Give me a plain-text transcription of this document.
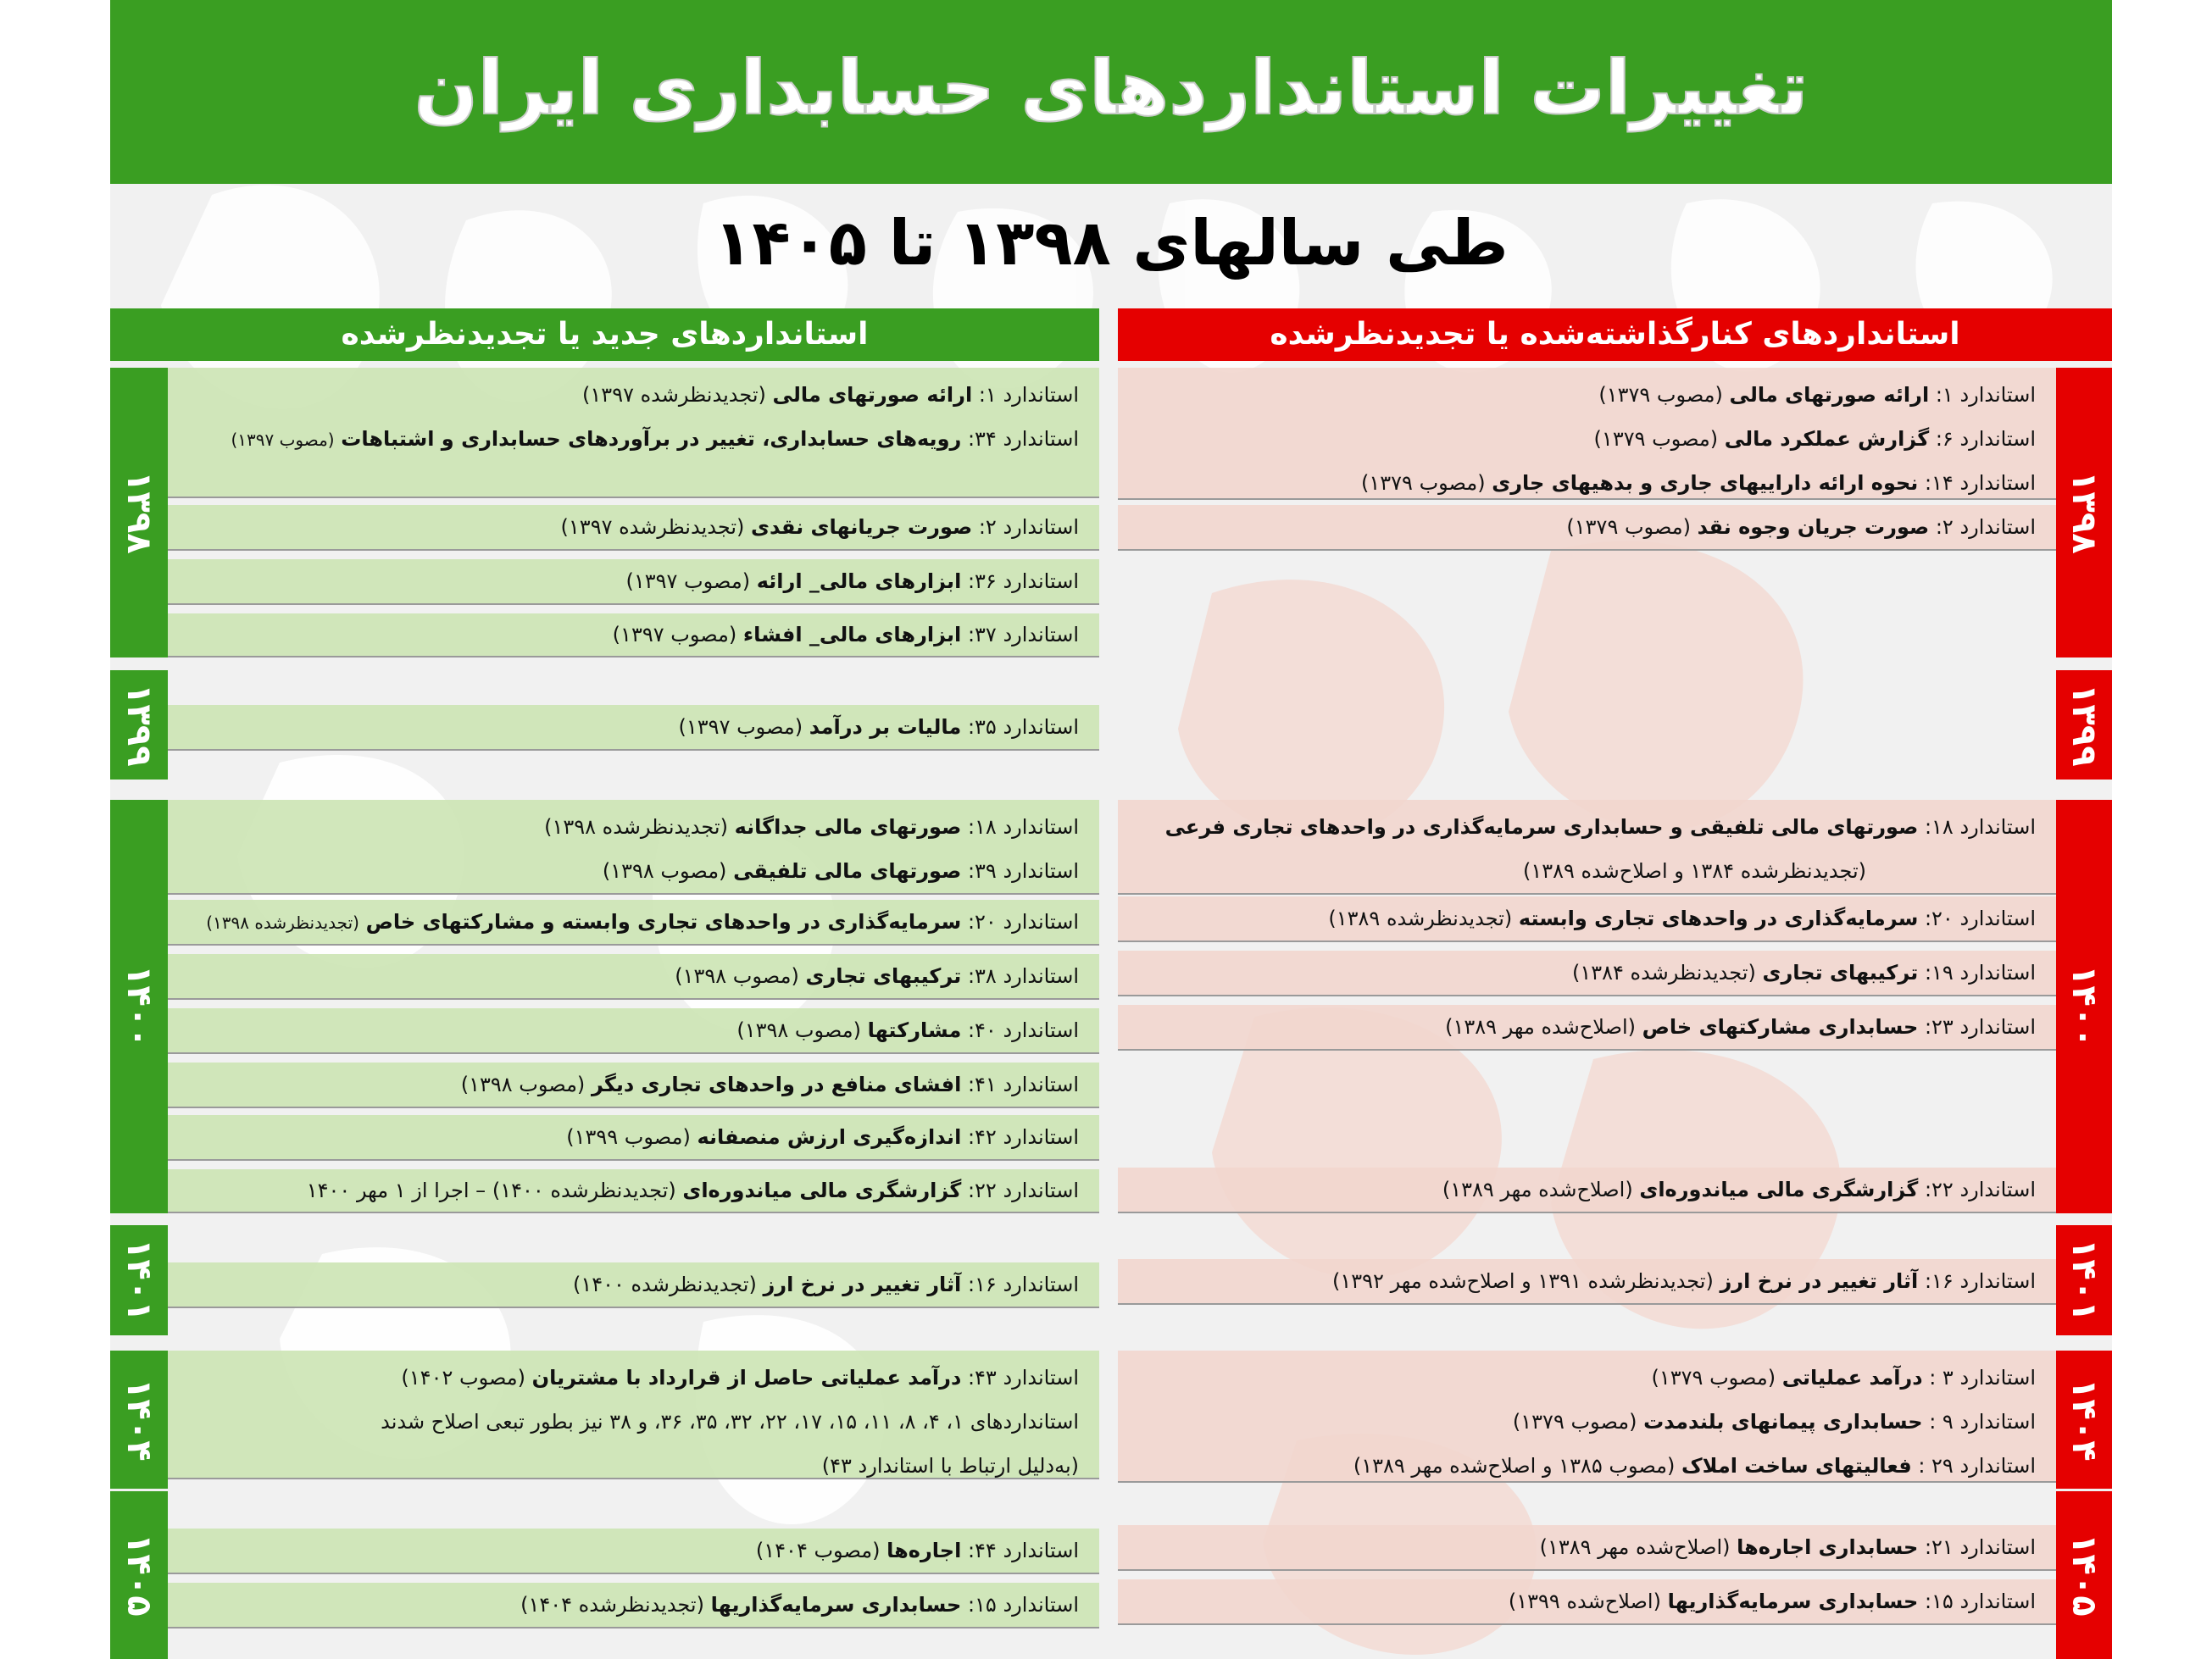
تغییرات استانداردهای حسابداری ایران
طی سالهای ۱۳۹۸ تا ۱۴۰۵
استانداردهای جدید یا تجدیدنظرشده	استانداردهای کنارگذاشته‌شده یا تجدیدنظرشده
۱۳۹۸
۱۳۹۹
۱۴۰۰
۱۴۰۱
۱۴۰۴
۱۴۰۵
۱۳۹۸
۱۳۹۹
۱۴۰۰
۱۴۰۱
۱۴۰۴
۱۴۰۵
استاندارد ۱: ارائه صورتهای مالی (تجدیدنظرشده ۱۳۹۷)
استاندارد ۳۴: رویه‌های حسابداری، تغییر در برآوردهای حسابداری و اشتباهات (مصوب ۱۳۹۷)
استاندارد ۲: صورت جریانهای نقدی (تجدیدنظرشده ۱۳۹۷)
استاندارد ۳۶: ابزارهای مالی_ ارائه (مصوب ۱۳۹۷)
استاندارد ۳۷: ابزارهای مالی_ افشاء (مصوب ۱۳۹۷)
استاندارد ۳۵: مالیات بر درآمد (مصوب ۱۳۹۷)
استاندارد ۱۸: صورتهای مالی جداگانه (تجدیدنظرشده ۱۳۹۸)
استاندارد ۳۹: صورتهای مالی تلفیقی (مصوب ۱۳۹۸)
استاندارد ۲۰: سرمایه‌گذاری در واحدهای تجاری وابسته و مشارکتهای خاص (تجدیدنظرشده ۱۳۹۸)
استاندارد ۳۸: ترکیبهای تجاری (مصوب ۱۳۹۸)
استاندارد ۴۰: مشارکتها (مصوب ۱۳۹۸)
استاندارد ۴۱: افشای منافع در واحدهای تجاری دیگر (مصوب ۱۳۹۸)
استاندارد ۴۲: اندازه‌گیری ارزش منصفانه (مصوب ۱۳۹۹)
استاندارد ۲۲: گزارشگری مالی میاندوره‌ای (تجدیدنظرشده ۱۴۰۰) – اجرا از ۱ مهر ۱۴۰۰
استاندارد ۱۶: آثار تغییر در نرخ ارز (تجدیدنظرشده ۱۴۰۰)
استاندارد ۴۳: درآمد عملیاتی حاصل از قرارداد با مشتریان (مصوب ۱۴۰۲)
استانداردهای ۱، ۴، ۸، ۱۱، ۱۵، ۱۷، ۲۲، ۳۲، ۳۵، ۳۶، و ۳۸ نیز بطور تبعی اصلاح شدند
(به‌دلیل ارتباط با استاندارد ۴۳)
استاندارد ۴۴: اجاره‌ها (مصوب ۱۴۰۴)
استاندارد ۱۵: حسابداری سرمایه‌گذاریها (تجدیدنظرشده ۱۴۰۴)
استاندارد ۱: ارائه صورتهای مالی (مصوب ۱۳۷۹)
استاندارد ۶: گزارش عملکرد مالی (مصوب ۱۳۷۹)
استاندارد ۱۴: نحوه ارائه داراییهای جاری و بدهیهای جاری (مصوب ۱۳۷۹)
استاندارد ۲: صورت جریان وجوه نقد (مصوب ۱۳۷۹)
استاندارد ۱۸: صورتهای مالی تلفیقی و حسابداری سرمایه‌گذاری در واحدهای تجاری فرعی
(تجدیدنظرشده ۱۳۸۴ و اصلاح‌شده ۱۳۸۹)
استاندارد ۲۰: سرمایه‌گذاری در واحدهای تجاری وابسته (تجدیدنظرشده ۱۳۸۹)
استاندارد ۱۹: ترکیبهای تجاری (تجدیدنظرشده ۱۳۸۴)
استاندارد ۲۳: حسابداری مشارکتهای خاص (اصلاح‌شده مهر ۱۳۸۹)
استاندارد ۲۲: گزارشگری مالی میاندوره‌ای (اصلاح‌شده مهر ۱۳۸۹)
استاندارد ۱۶: آثار تغییر در نرخ ارز (تجدیدنظرشده ۱۳۹۱ و اصلاح‌شده مهر ۱۳۹۲)
استاندارد ۳ : درآمد عملیاتی (مصوب ۱۳۷۹)
استاندارد ۹ : حسابداری پیمانهای بلندمدت (مصوب ۱۳۷۹)
استاندارد ۲۹ : فعالیتهای ساخت املاک (مصوب ۱۳۸۵ و اصلاح‌شده مهر ۱۳۸۹)
استاندارد ۲۱: حسابداری اجاره‌ها (اصلاح‌شده مهر ۱۳۸۹)
استاندارد ۱۵: حسابداری سرمایه‌گذاریها (اصلاح‌شده ۱۳۹۹)
